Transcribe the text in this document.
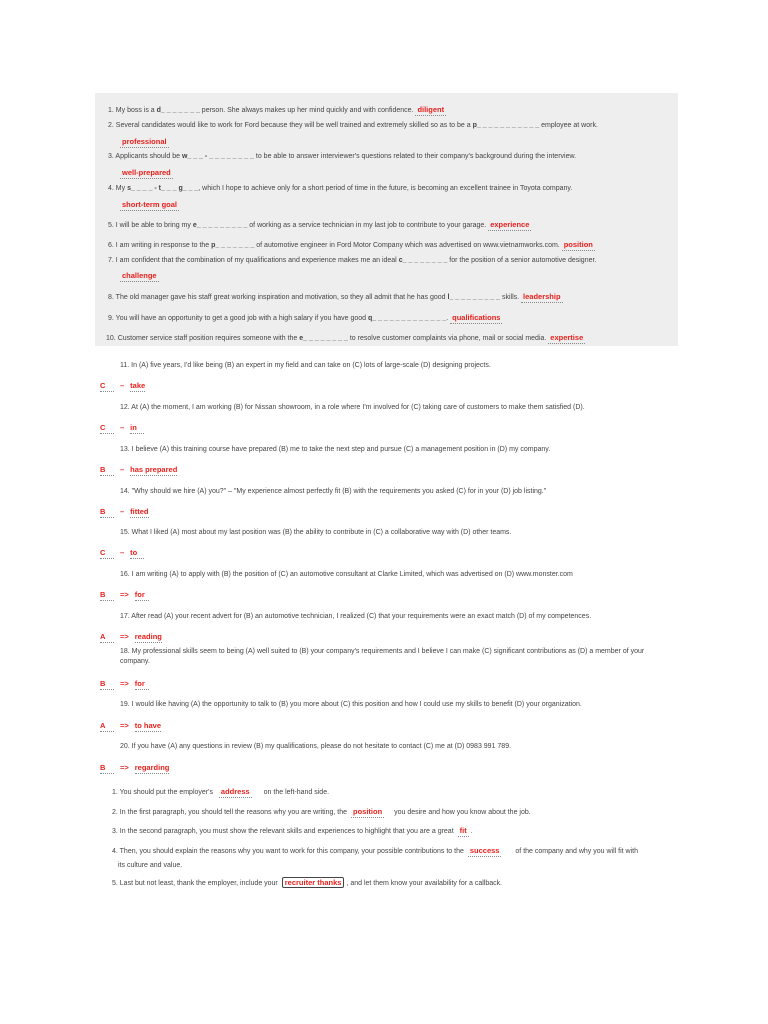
1. My boss is a d_ _ _ _ _ _ _ person. She always makes up her mind quickly and with confidence. diligent
2. Several candidates would like to work for Ford because they will be well trained and extremely skilled so as to be a p_ _ _ _ _ _ _ _ _ _ _ employee at work.
professional
3. Applicants should be w_ _ _ - _ _ _ _ _ _ _ _ to be able to answer interviewer's questions related to their company's background during the interview.
well-prepared
4. My s_ _ _ _ - t_ _ _ g_ _ _, which I hope to achieve only for a short period of time in the future, is becoming an excellent trainee in Toyota company.
short-term goal
5. I will be able to bring my e_ _ _ _ _ _ _ _ _ of working as a service technician in my last job to contribute to your garage. experience
6. I am writing in response to the p_ _ _ _ _ _ _ of automotive engineer in Ford Motor Company which was advertised on www.vietnamworks.com. position
7. I am confident that the combination of my qualifications and experience makes me an ideal c_ _ _ _ _ _ _ _ for the position of a senior automotive designer.
challenge
8. The old manager gave his staff great working inspiration and motivation, so they all admit that he has good l_ _ _ _ _ _ _ _ _ skills. leadership
9. You will have an opportunity to get a good job with a high salary if you have good q_ _ _ _ _ _ _ _ _ _ _ _ _. qualifications
10. Customer service staff position requires someone with the e_ _ _ _ _ _ _ _ to resolve customer complaints via phone, mail or social media. expertise
11. In (A) five years, I'd like being (B) an expert in my field and can take on (C) lots of large-scale (D) designing projects.
C – take
12. At (A) the moment, I am working (B) for Nissan showroom, in a role where I'm involved for (C) taking care of customers to make them satisfied (D).
C – in
13. I believe (A) this training course have prepared (B) me to take the next step and pursue (C) a management position in (D) my company.
B – has prepared
14. "Why should we hire (A) you?" – "My experience almost perfectly fit (B) with the requirements you asked (C) for in your (D) job listing."
B – fitted
15. What I liked (A) most about my last position was (B) the ability to contribute in (C) a collaborative way with (D) other teams.
C – to
16. I am writing (A) to apply with (B) the position of (C) an automotive consultant at Clarke Limited, which was advertised on (D) www.monster.com
B => for
17. After read (A) your recent advert for (B) an automotive technician, I realized (C) that your requirements were an exact match (D) of my competences.
A => reading
18. My professional skills seem to being (A) well suited to (B) your company's requirements and I believe I can make (C) significant contributions as (D) a member of your
company.
B => for
19. I would like having (A) the opportunity to talk to (B) you more about (C) this position and how I could use my skills to benefit (D) your organization.
A => to have
20. If you have (A) any questions in review (B) my qualifications, please do not hesitate to contact (C) me at (D) 0983 991 789.
B => regarding
1. You should put the employer's address on the left-hand side.
2. In the first paragraph, you should tell the reasons why you are writing, the position you desire and how you know about the job.
3. In the second paragraph, you must show the relevant skills and experiences to highlight that you are a great fit .
4. Then, you should explain the reasons why you want to work for this company, your possible contributions to the success of the company and why you will fit with
its culture and value.
5. Last but not least, thank the employer, include your recruiter thanks , and let them know your availability for a callback.
